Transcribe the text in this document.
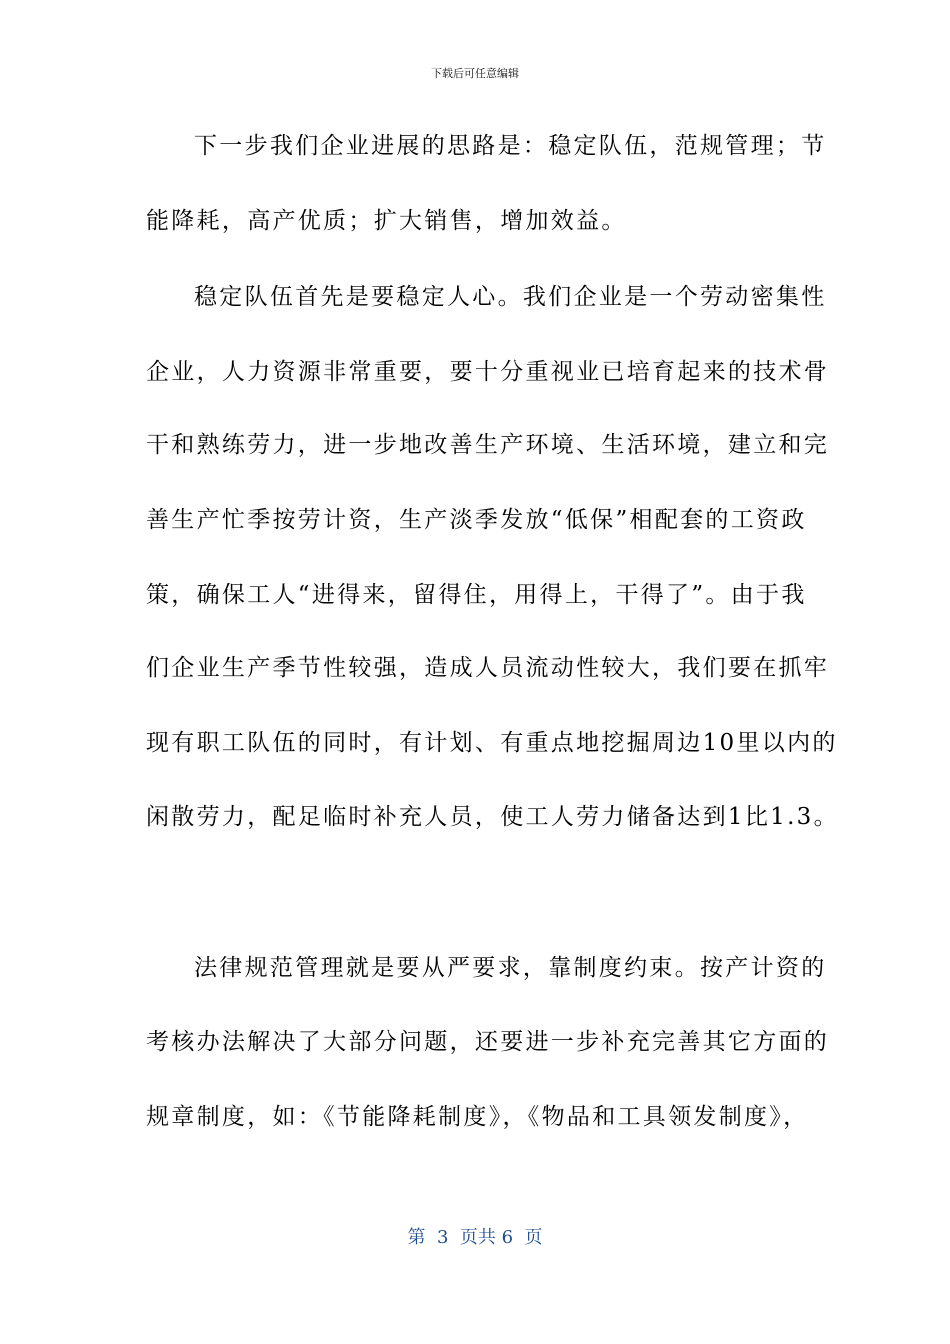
下载后可任意编辑
下一步我们企业进展的思路是：稳定队伍，范规管理；节
能降耗，高产优质；扩大销售，增加效益。
稳定队伍首先是要稳定人心。我们企业是一个劳动密集性
企业，人力资源非常重要，要十分重视业已培育起来的技术骨
干和熟练劳力，进一步地改善生产环境、生活环境，建立和完
善生产忙季按劳计资，生产淡季发放“低保”相配套的工资政
策，确保工人“进得来，留得住，用得上，干得了”。由于我
们企业生产季节性较强，造成人员流动性较大，我们要在抓牢
现有职工队伍的同时，有计划、有重点地挖掘周边10里以内的
闲散劳力，配足临时补充人员，使工人劳力储备达到1比1.3。
法律规范管理就是要从严要求，靠制度约束。按产计资的
考核办法解决了大部分问题，还要进一步补充完善其它方面的
规章制度，如：《节能降耗制度》，《物品和工具领发制度》，
第  3  页共 6  页
